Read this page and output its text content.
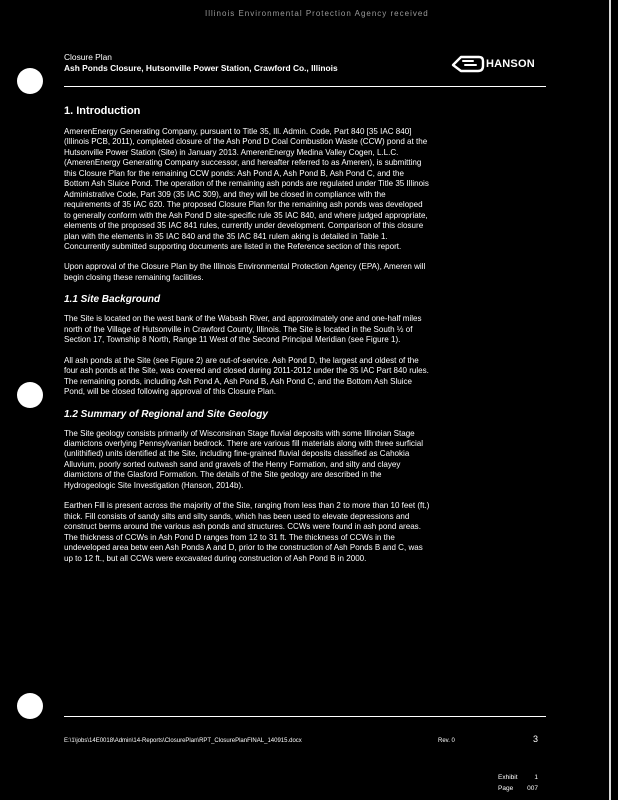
Illinois Environmental Protection Agency received
Closure Plan
Ash Ponds Closure, Hutsonville Power Station, Crawford Co., Illinois	HANSON
1. Introduction
AmerenEnergy Generating Company, pursuant to Title 35, Ill. Admin. Code, Part 840 [35 IAC 840]
(Illinois PCB, 2011), completed closure of the Ash Pond D Coal Combustion Waste (CCW) pond at the
Hutsonville Power Station (Site) in January 2013. AmerenEnergy Medina Valley Cogen, L.L.C.
(AmerenEnergy Generating Company successor, and hereafter referred to as Ameren), is submitting
this Closure Plan for the remaining CCW ponds: Ash Pond A, Ash Pond B, Ash Pond C, and the
Bottom Ash Sluice Pond. The operation of the remaining ash ponds are regulated under Title 35 Illinois
Administrative Code, Part 309 (35 IAC 309), and they will be closed in compliance with the
requirements of 35 IAC 620. The proposed Closure Plan for the remaining ash ponds was developed
to generally conform with the Ash Pond D site-specific rule 35 IAC 840, and where judged appropriate,
elements of the proposed 35 IAC 841 rules, currently under development. Comparison of this closure
plan with the elements in 35 IAC 840 and the 35 IAC 841 rulem aking is detailed in Table 1.
Concurrently submitted supporting documents are listed in the Reference section of this report.
Upon approval of the Closure Plan by the Illinois Environmental Protection Agency (EPA), Ameren will
begin closing these remaining facilities.
1.1 Site Background
The Site is located on the west bank of the Wabash River, and approximately one and one-half miles
north of the Village of Hutsonville in Crawford County, Illinois. The Site is located in the South ½ of
Section 17, Township 8 North, Range 11 West of the Second Principal Meridian (see Figure 1).
All ash ponds at the Site (see Figure 2) are out-of-service. Ash Pond D, the largest and oldest of the
four ash ponds at the Site, was covered and closed during 2011-2012 under the 35 IAC Part 840 rules.
The remaining ponds, including Ash Pond A, Ash Pond B, Ash Pond C, and the Bottom Ash Sluice
Pond, will be closed following approval of this Closure Plan.
1.2 Summary of Regional and Site Geology
The Site geology consists primarily of Wisconsinan Stage fluvial deposits with some Illinoian Stage
diamictons overlying Pennsylvanian bedrock. There are various fill materials along with three surficial
(unlithified) units identified at the Site, including fine-grained fluvial deposits classified as Cahokia
Alluvium, poorly sorted outwash sand and gravels of the Henry Formation, and silty and clayey
diamictons of the Glasford Formation. The details of the Site geology are described in the
Hydrogeologic Site Investigation (Hanson, 2014b).
Earthen Fill is present across the majority of the Site, ranging from less than 2 to more than 10 feet (ft.)
thick. Fill consists of sandy silts and silty sands, which has been used to elevate depressions and
construct berms around the various ash ponds and structures. CCWs were found in ash pond areas.
The thickness of CCWs in Ash Pond D ranges from 12 to 31 ft. The thickness of CCWs in the
undeveloped area betw een Ash Ponds A and D, prior to the construction of Ash Ponds B and C, was
up to 12 ft., but all CCWs were excavated during construction of Ash Pond B in 2000.
E:\1\jobs\14E0018\Admin\14-Reports\ClosurePlan\RPT_ClosurePlanFINAL_140915.docx	Rev. 0	3
Exhibit	1
Page 007
